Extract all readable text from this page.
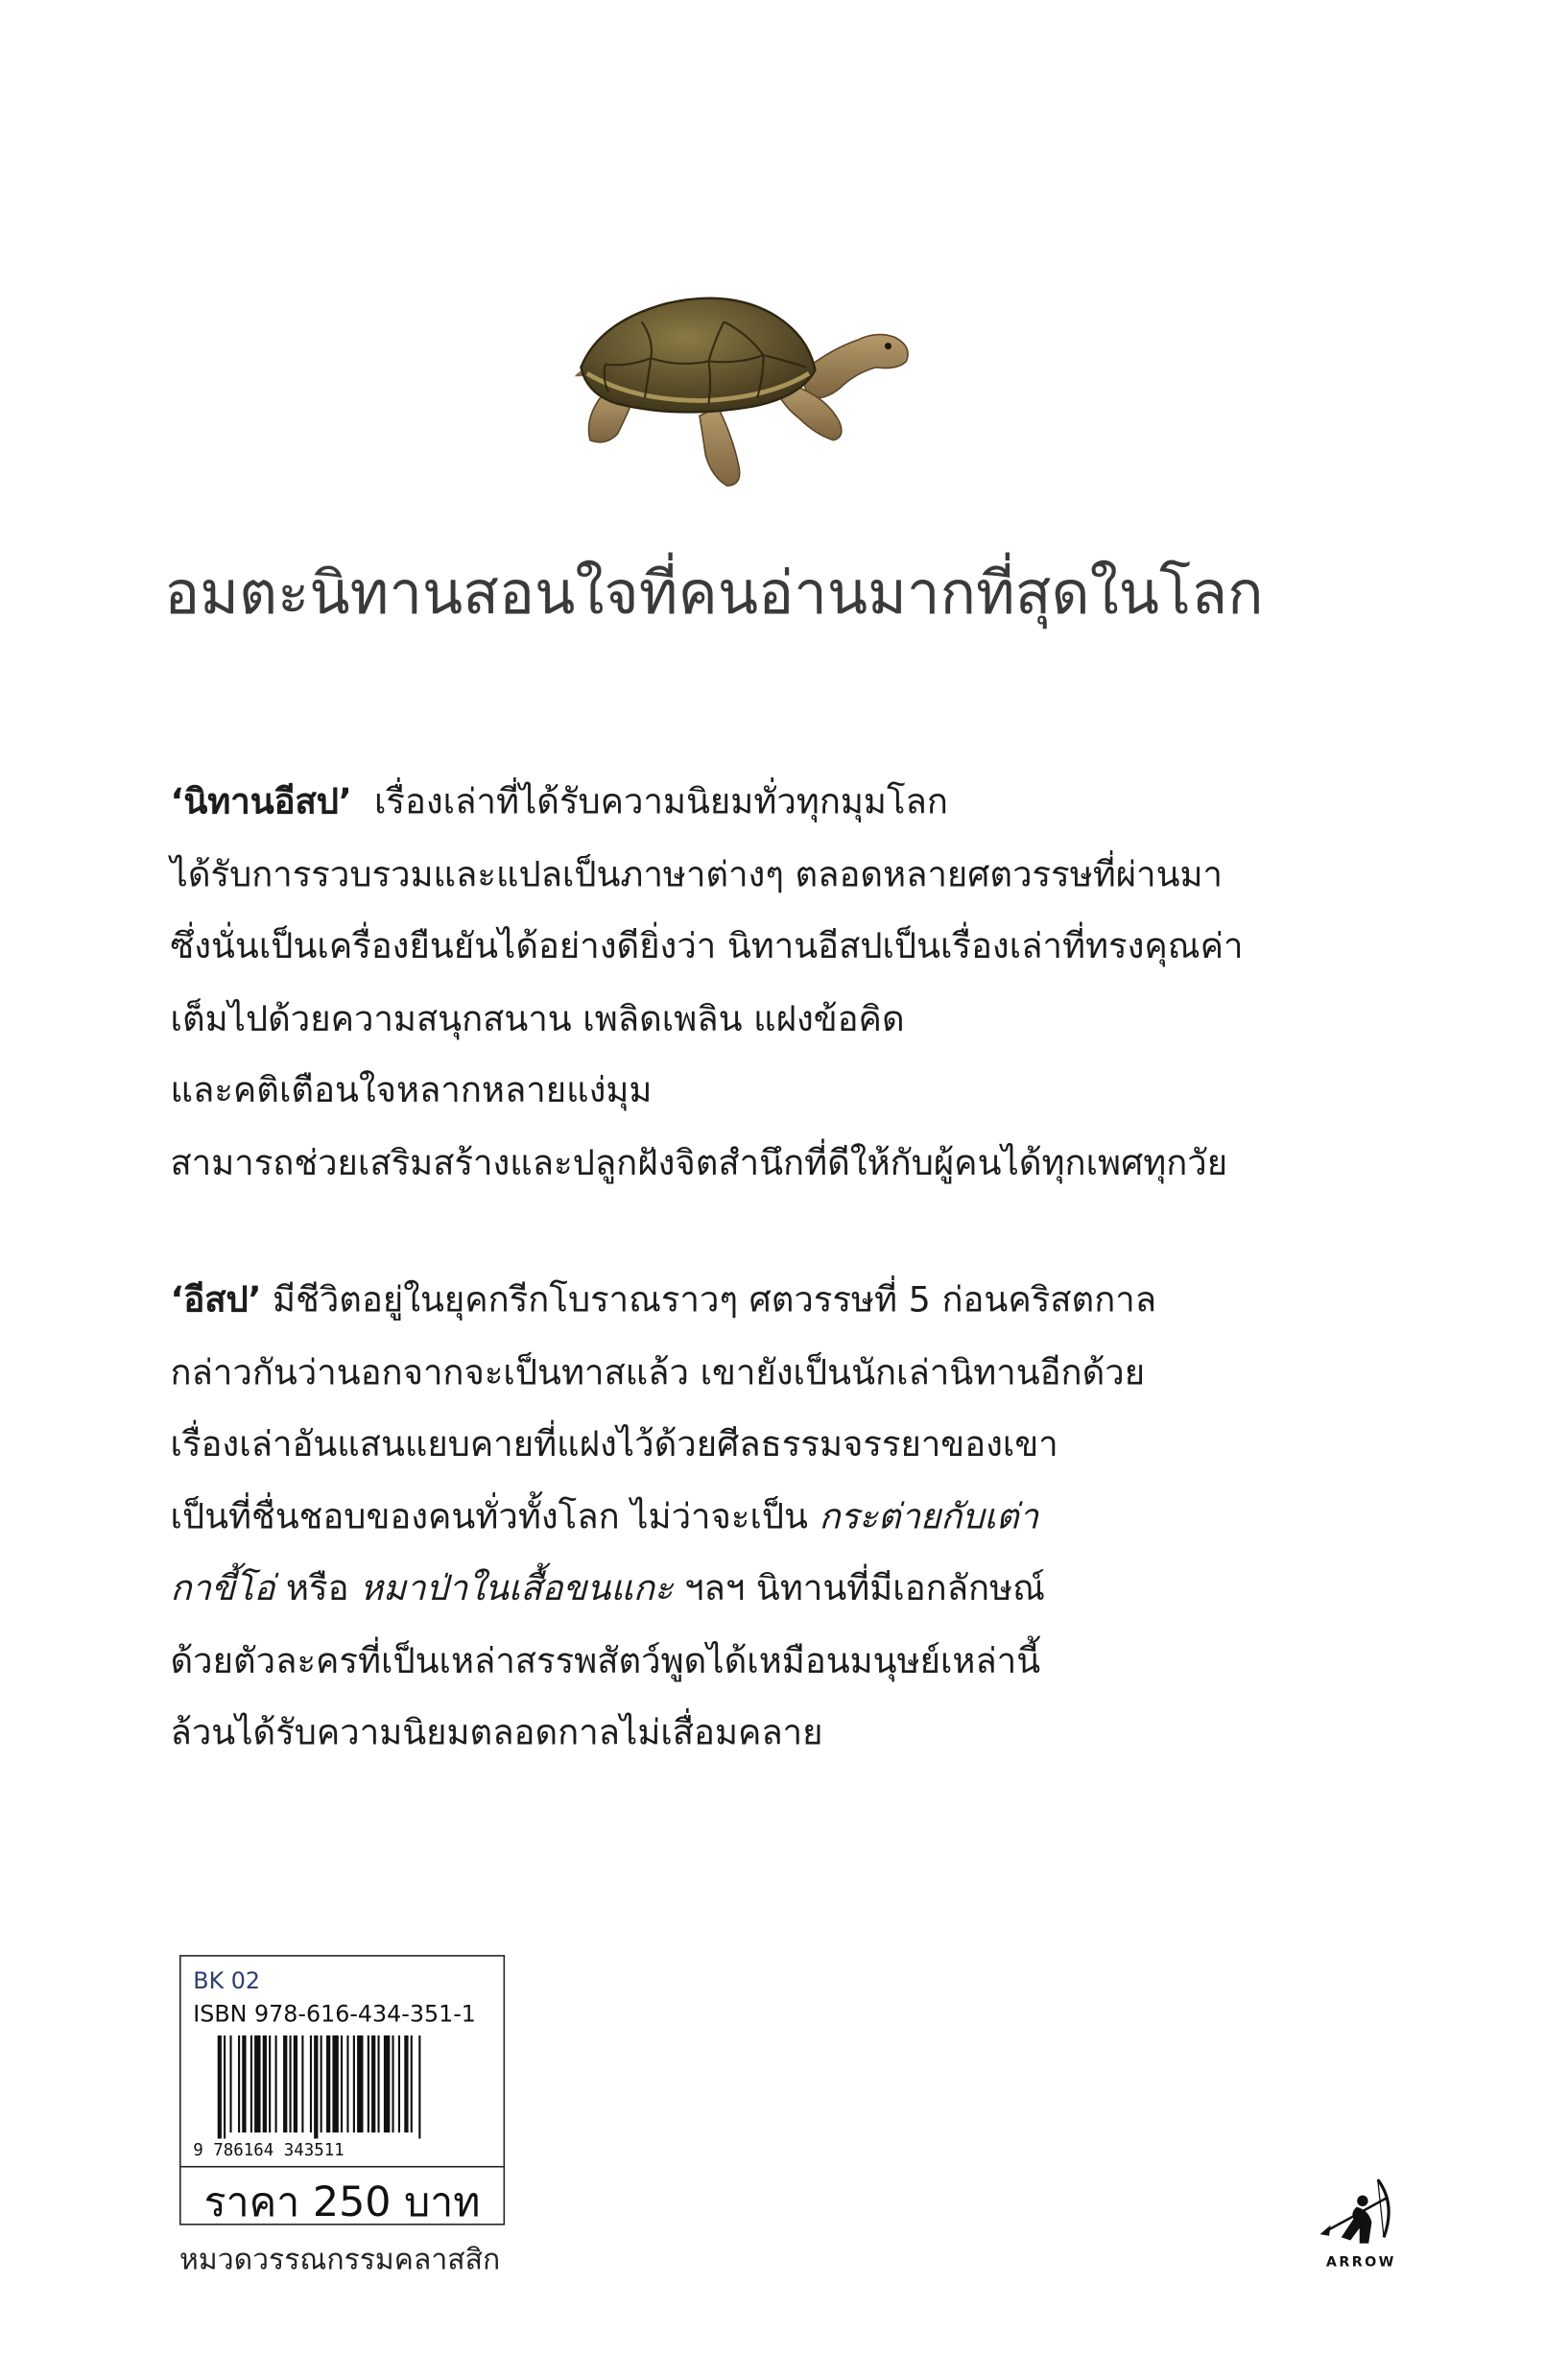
อมตะนิทานสอนใจที่คนอ่านมากที่สุดในโลก
‘นิทานอีสป’ เรื่องเล่าที่ได้รับความนิยมทั่วทุกมุมโลก
ได้รับการรวบรวมและแปลเป็นภาษาต่างๆ ตลอดหลายศตวรรษที่ผ่านมา
ซึ่งนั่นเป็นเครื่องยืนยันได้อย่างดียิ่งว่า นิทานอีสปเป็นเรื่องเล่าที่ทรงคุณค่า
เต็มไปด้วยความสนุกสนาน เพลิดเพลิน แฝงข้อคิด
และคติเตือนใจหลากหลายแง่มุม
สามารถช่วยเสริมสร้างและปลูกฝังจิตสำนึกที่ดีให้กับผู้คนได้ทุกเพศทุกวัย
‘อีสป’ มีชีวิตอยู่ในยุคกรีกโบราณราวๆ ศตวรรษที่ 5 ก่อนคริสตกาล
กล่าวกันว่านอกจากจะเป็นทาสแล้ว เขายังเป็นนักเล่านิทานอีกด้วย
เรื่องเล่าอันแสนแยบคายที่แฝงไว้ด้วยศีลธรรมจรรยาของเขา
เป็นที่ชื่นชอบของคนทั่วทั้งโลก ไม่ว่าจะเป็น กระต่ายกับเต่า
กาขี้โอ่ หรือ หมาป่าในเสื้อขนแกะ ฯลฯ นิทานที่มีเอกลักษณ์
ด้วยตัวละครที่เป็นเหล่าสรรพสัตว์พูดได้เหมือนมนุษย์เหล่านี้
ล้วนได้รับความนิยมตลอดกาลไม่เสื่อมคลาย
BK 02
ISBN 978-616-434-351-1
9 786164 343511
ราคา 250 บาท
หมวดวรรณกรรมคลาสสิก	ARROW
